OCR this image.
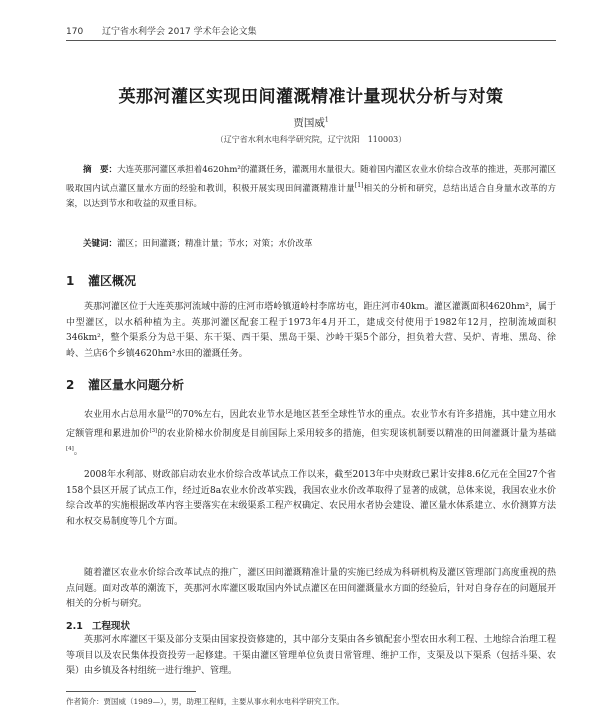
170 辽宁省水利学会 2017 学术年会论文集
英那河灌区实现田间灌溉精准计量现状分析与对策
贾国威$^1$
（辽宁省水利水电科学研究院，辽宁沈阳　110003）
摘　要：大连英那河灌区承担着4620hm²的灌溉任务，灌溉用水量很大。随着国内灌区农业水价综合改革的推进，英那河灌区吸取国内试点灌区量水方面的经验和教训，积极开展实现田间灌溉精准计量[1]相关的分析和研究，总结出适合自身量水改革的方案，以达到节水和收益的双重目标。
关键词：灌区；田间灌溉；精准计量；节水；对策；水价改革
1 灌区概况
英那河灌区位于大连英那河流域中游的庄河市塔岭镇道岭村李席坊屯，距庄河市40km。灌区灌溉面积4620hm²，属于中型灌区，以水稻种植为主。英那河灌区配套工程于1973年4月开工，建成交付使用于1982年12月，控制流域面积346km²，整个渠系分为总干渠、东干渠、西干渠、黑岛干渠、沙岭干渠5个部分，担负着大营、吴炉、青堆、黑岛、徐岭、兰店6个乡镇4620hm²水田的灌溉任务。
2 灌区量水问题分析
农业用水占总用水量[2]的70%左右，因此农业节水是地区甚至全球性节水的重点。农业节水有许多措施，其中建立用水定额管理和累进加价[3]的农业阶梯水价制度是目前国际上采用较多的措施，但实现该机制要以精准的田间灌溉计量为基础[4]。
2008年水利部、财政部启动农业水价综合改革试点工作以来，截至2013年中央财政已累计安排8.6亿元在全国27个省158个县区开展了试点工作，经过近8a农业水价改革实践，我国农业水价改革取得了显著的成就，总体来说，我国农业水价综合改革的实施根据改革内容主要落实在末级渠系工程产权确定、农民用水者协会建设、灌区量水体系建立、水价测算方法和水权交易制度等几个方面。
随着灌区农业水价综合改革试点的推广，灌区田间灌溉精准计量的实施已经成为科研机构及灌区管理部门高度重视的热点问题。面对改革的潮流下，英那河水库灌区吸取国内外试点灌区在田间灌溉量水方面的经验后，针对自身存在的问题展开相关的分析与研究。
2.1 工程现状
英那河水库灌区干渠及部分支渠由国家投资修建的，其中部分支渠由各乡镇配套小型农田水利工程、土地综合治理工程等项目以及农民集体投资投劳一起修建。干渠由灌区管理单位负责日常管理、维护工作，支渠及以下渠系（包括斗渠、农渠）由乡镇及各村组统一进行维护、管理。
作者简介：贾国威（1989—），男，助理工程师，主要从事水利水电科学研究工作。
